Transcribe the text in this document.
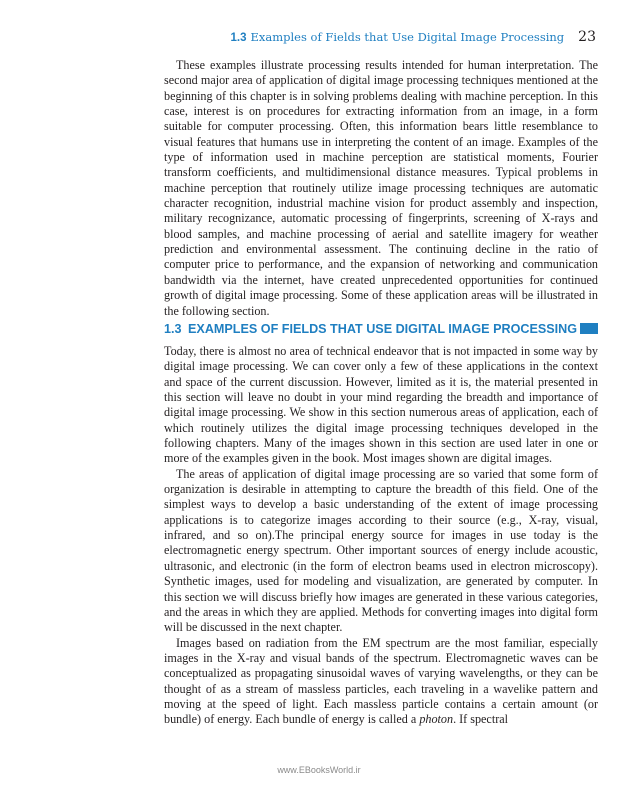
1.3 Examples of Fields that Use Digital Image Processing 23

These examples illustrate processing results intended for human interpretation. The second major area of application of digital image processing techniques mentioned at the beginning of this chapter is in solving problems dealing with machine perception. In this case, interest is on procedures for extracting information from an image, in a form suitable for computer processing. Often, this information bears little resemblance to visual features that humans use in interpreting the content of an image. Examples of the type of information used in machine perception are statistical moments, Fourier transform coefficients, and multidimensional distance measures. Typical problems in machine perception that routinely utilize image processing techniques are automatic character recognition, industrial machine vision for product assembly and inspection, military recognizance, automatic processing of fingerprints, screening of X-rays and blood samples, and machine processing of aerial and satellite imagery for weather prediction and environmental assessment. The continuing decline in the ratio of computer price to performance, and the expansion of networking and communication bandwidth via the internet, have created unprecedented opportunities for continued growth of digital image processing. Some of these application areas will be illustrated in the following section.

1.3 EXAMPLES OF FIELDS THAT USE DIGITAL IMAGE PROCESSING

Today, there is almost no area of technical endeavor that is not impacted in some way by digital image processing. We can cover only a few of these applications in the context and space of the current discussion. However, limited as it is, the material presented in this section will leave no doubt in your mind regarding the breadth and importance of digital image processing. We show in this section numerous areas of application, each of which routinely utilizes the digital image processing techniques developed in the following chapters. Many of the images shown in this section are used later in one or more of the examples given in the book. Most images shown are digital images.

The areas of application of digital image processing are so varied that some form of organization is desirable in attempting to capture the breadth of this field. One of the simplest ways to develop a basic understanding of the extent of image processing applications is to categorize images according to their source (e.g., X-ray, visual, infrared, and so on).The principal energy source for images in use today is the electromagnetic energy spectrum. Other important sources of energy include acoustic, ultrasonic, and electronic (in the form of electron beams used in electron microscopy). Synthetic images, used for modeling and visualization, are generated by computer. In this section we will discuss briefly how images are generated in these various categories, and the areas in which they are applied. Methods for converting images into digital form will be discussed in the next chapter.

Images based on radiation from the EM spectrum are the most familiar, especially images in the X-ray and visual bands of the spectrum. Electromagnetic waves can be conceptualized as propagating sinusoidal waves of varying wavelengths, or they can be thought of as a stream of massless particles, each traveling in a wavelike pattern and moving at the speed of light. Each massless particle contains a certain amount (or bundle) of energy. Each bundle of energy is called a photon. If spectral

www.EBooksWorld.ir
